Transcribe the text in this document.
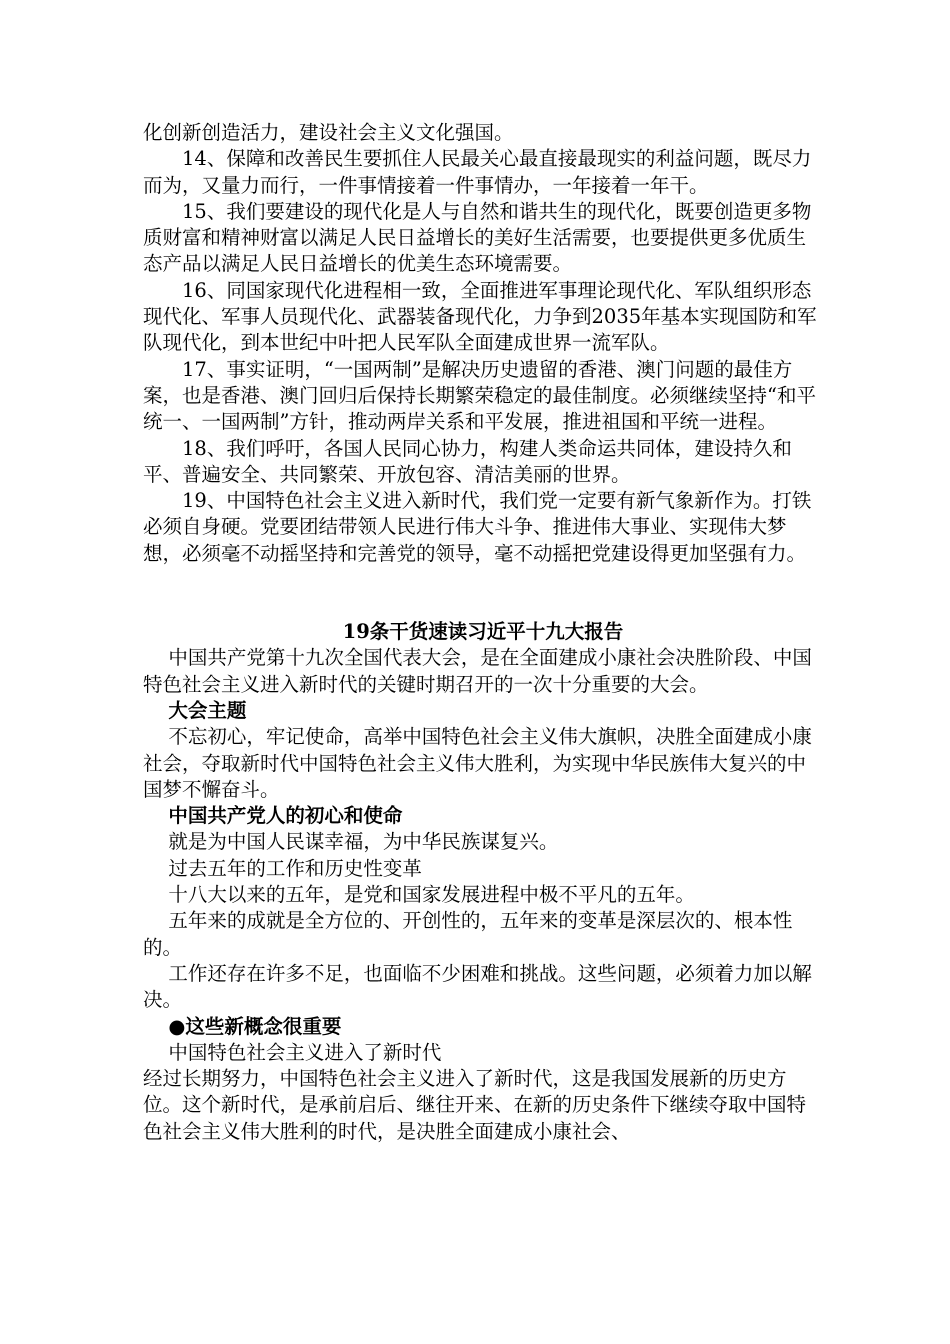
化创新创造活力，建设社会主义文化强国。

14、保障和改善民生要抓住人民最关心最直接最现实的利益问题，既尽力而为，又量力而行，一件事情接着一件事情办，一年接着一年干。

15、我们要建设的现代化是人与自然和谐共生的现代化，既要创造更多物质财富和精神财富以满足人民日益增长的美好生活需要，也要提供更多优质生态产品以满足人民日益增长的优美生态环境需要。

16、同国家现代化进程相一致，全面推进军事理论现代化、军队组织形态现代化、军事人员现代化、武器装备现代化，力争到2035年基本实现国防和军队现代化，到本世纪中叶把人民军队全面建成世界一流军队。

17、事实证明，“一国两制”是解决历史遗留的香港、澳门问题的最佳方案，也是香港、澳门回归后保持长期繁荣稳定的最佳制度。必须继续坚持“和平统一、一国两制”方针，推动两岸关系和平发展，推进祖国和平统一进程。

18、我们呼吁，各国人民同心协力，构建人类命运共同体，建设持久和平、普遍安全、共同繁荣、开放包容、清洁美丽的世界。

19、中国特色社会主义进入新时代，我们党一定要有新气象新作为。打铁必须自身硬。党要团结带领人民进行伟大斗争、推进伟大事业、实现伟大梦想，必须毫不动摇坚持和完善党的领导，毫不动摇把党建设得更加坚强有力。

19条干货速读习近平十九大报告

中国共产党第十九次全国代表大会，是在全面建成小康社会决胜阶段、中国特色社会主义进入新时代的关键时期召开的一次十分重要的大会。

大会主题

不忘初心，牢记使命，高举中国特色社会主义伟大旗帜，决胜全面建成小康社会，夺取新时代中国特色社会主义伟大胜利，为实现中华民族伟大复兴的中国梦不懈奋斗。

中国共产党人的初心和使命

就是为中国人民谋幸福，为中华民族谋复兴。

过去五年的工作和历史性变革

十八大以来的五年，是党和国家发展进程中极不平凡的五年。

五年来的成就是全方位的、开创性的，五年来的变革是深层次的、根本性的。

工作还存在许多不足，也面临不少困难和挑战。这些问题，必须着力加以解决。

●这些新概念很重要

中国特色社会主义进入了新时代

经过长期努力，中国特色社会主义进入了新时代，这是我国发展新的历史方位。这个新时代，是承前启后、继往开来、在新的历史条件下继续夺取中国特色社会主义伟大胜利的时代，是决胜全面建成小康社会、
